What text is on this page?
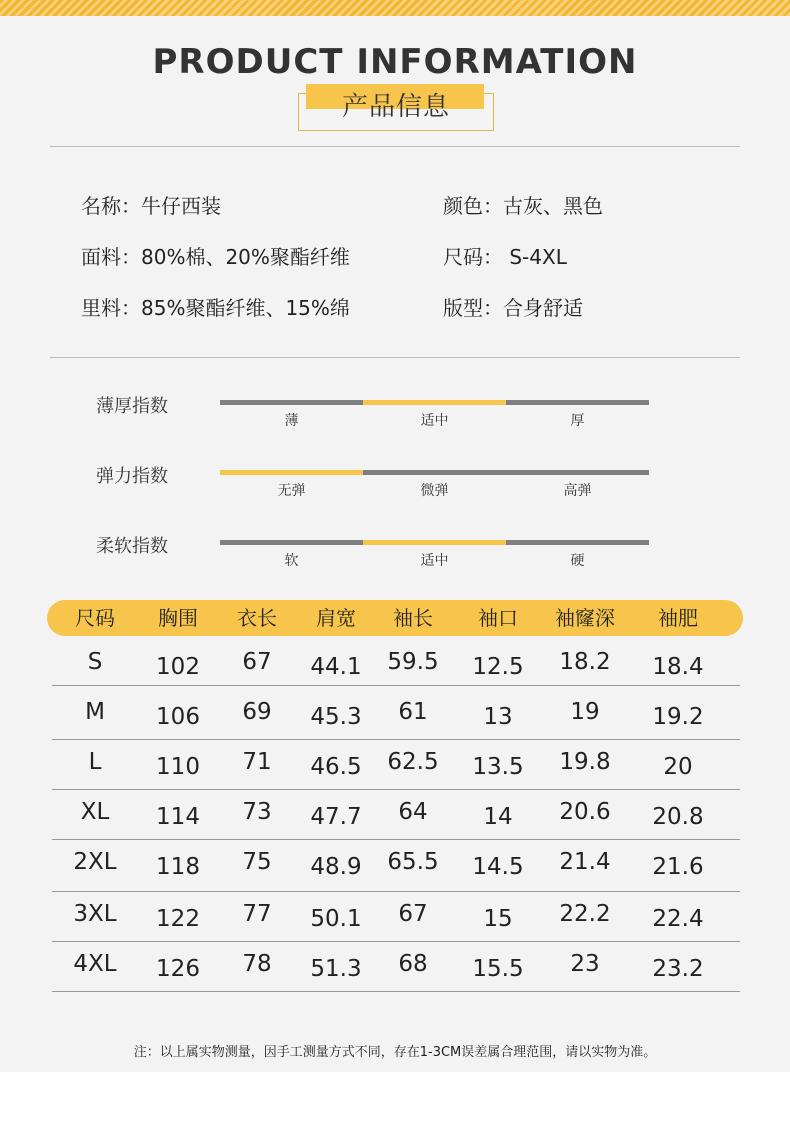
PRODUCT INFORMATION
产品信息
名称：牛仔西装	颜色：古灰、黑色
面料：80%棉、20%聚酯纤维	尺码： S-4XL
里料：85%聚酯纤维、15%绵	版型：合身舒适
薄厚指数
薄	适中	厚
弹力指数
无弹	微弹	高弹
柔软指数
软	适中	硬
尺码 胸围 衣长 肩宽 袖长 袖口 袖窿深 袖肥
S 102 67 44.1 59.5 12.5 18.2 18.4
M 106 69 45.3 61 13	19 19.2
L 110 71 46.5 62.5 13.5 19.8 20
XL 114 73 47.7 64 14 20.6 20.8
2XL 118 75 48.9 65.5 14.5 21.4 21.6
3XL 122 77 50.1 67 15 22.2 22.4
4XL 126 78 51.3 68 15.5 23 23.2
注：以上属实物测量，因手工测量方式不同，存在1-3CM误差属合理范围，请以实物为准。
